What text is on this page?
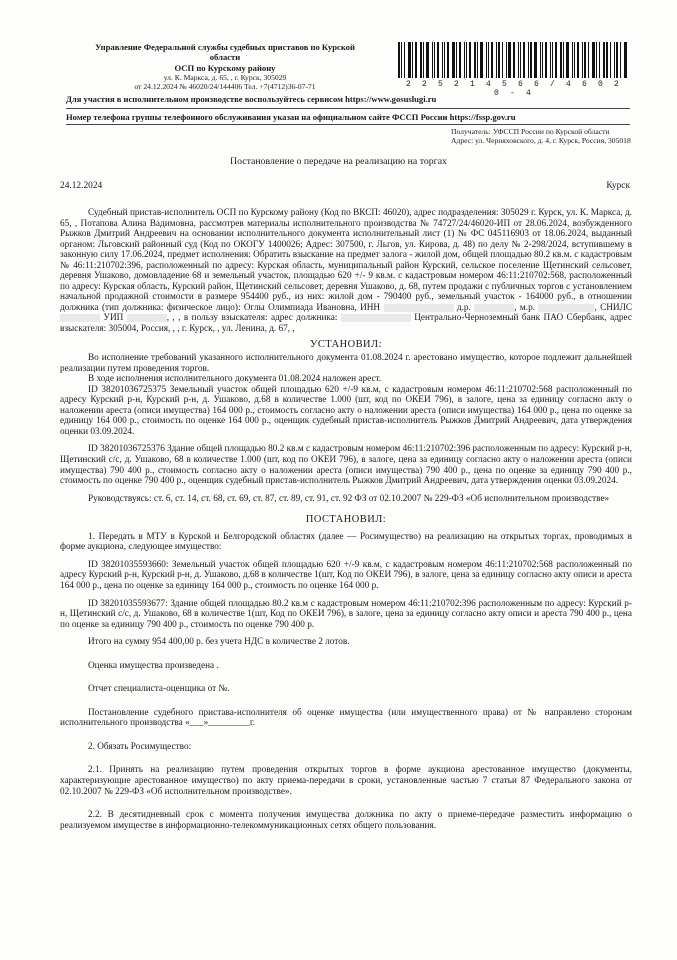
Управление Федеральной службы судебных приставов по Курской
области
ОСП по Курскому району
ул. К. Маркса, д. 65, , г. Курск, 305029
от 24.12.2024 № 46020/24/144406 Тел. +7(4712)36-07-71	2 2 5 2 1 4 5 6 6 / 4 6 0 2 0 - 4
Для участия в исполнительном производстве воспользуйтесь сервисом https://www.gosuslugi.ru
Номер телефона группы телефонного обслуживания указан на официальном сайте ФССП России https://fssp.gov.ru
Получатель: УФССП России по Курской области
Адрес: ул. Черняховского, д. 4, г. Курск, Россия, 305018
Постановление о передаче на реализацию на торгах
24.12.2024	Курск

Судебный пристав-исполнитель ОСП по Курскому району (Код по ВКСП: 46020), адрес подразделения: 305029 г. Курск, ул. К. Маркса, д. 65, , Потапова Алина Вадимовна, рассмотрев материалы исполнительного производства № 74727/24/46020-ИП от 28.06.2024, возбужденного Рыжков Дмитрий Андреевич на основании исполнительного документа исполнительный лист (1) № ФС 045116903 от 18.06.2024, выданный органом: Льговский районный суд (Код по ОКОГУ 1400026; Адрес: 307500, г. Льгов, ул. Кирова, д. 48) по делу № 2-298/2024, вступившему в законную силу 17.06.2024, предмет исполнения: Обратить взыскание на предмет залога - жилой дом, общей площадью 80.2 кв.м. с кадастровым № 46:11:210702:396, расположенный по адресу: Курская область, муниципальный район Курский, сельское поселение Щетинский сельсовет, деревня Ушаково, домовладение 68 и земельный участок, площадью 620 +/- 9 кв.м. с кадастровым номером 46:11:210702:568, расположенный по адресу: Курская область, Курский район, Щетинский сельсовет, деревня Ушаково, д. 68, путем продажи с публичных торгов с установлением начальной продажной стоимости в размере 954400 руб., из них: жилой дом - 790400 руб., земельный участок - 164000 руб., в отношении должника (тип должника: физическое лицо): Оглы Олимпиада Ивановна, ИНН	д.р.	, м.р.	, СНИЛС  УИП	, , , в пользу взыскателя: адрес должника:	Центрально-Черноземный банк ПАО Сбербанк, адрес взыскателя: 305004, Россия, , , г. Курск, , ул. Ленина, д. 67, ,

УСТАНОВИЛ:

Во исполнение требований указанного исполнительного документа 01.08.2024 г. арестовано имущество, которое подлежит дальнейшей реализации путем проведения торгов.

В ходе исполнения исполнительного документа 01.08.2024 наложен арест.

ID 38201036725375 Земельный участок общей площадью 620 +/-9 кв.м, с кадастровым номером 46:11:210702:568 расположенный по адресу Курский р-н, Курский р-н, д. Ушаково, д.68 в количестве 1.000 (шт, код по ОКЕИ 796), в залоге, цена за единицу согласно акту о наложении ареста (описи имущества) 164 000 р., стоимость согласно акту о наложении ареста (описи имущества) 164 000 р., цена по оценке за единицу 164 000 р., стоимость по оценке 164 000 р., оценщик судебный пристав-исполнитель Рыжков Дмитрий Андреевич, дата утверждения оценки 03.09.2024.

ID 38201036725376 Здание общей площадью 80.2 кв.м с кадастровым номером 46:11:210702:396 расположенным по адресу: Курский р-н, Щетинский с/с, д. Ушаково, 68 в количестве 1.000 (шт, код по ОКЕИ 796), в залоге, цена за единицу согласно акту о наложении ареста (описи имущества) 790 400 р., стоимость согласно акту о наложении ареста (описи имущества) 790 400 р., цена по оценке за единицу 790 400 р., стоимость по оценке 790 400 р., оценщик судебный пристав-исполнитель Рыжков Дмитрий Андреевич, дата утверждения оценки 03.09.2024.

Руководствуясь: ст. 6, ст. 14, ст. 68, ст. 69, ст. 87, ст. 89, ст. 91, ст. 92 ФЗ от 02.10.2007 № 229-ФЗ «Об исполнительном производстве»

ПОСТАНОВИЛ:

1. Передать в МТУ в Курской и Белгородской областях (далее — Росимущество) на реализацию на открытых торгах, проводимых в форме аукциона, следующее имущество:

ID 38201035593660: Земельный участок общей площадью 620 +/-9 кв.м, с кадастровым номером 46:11:210702:568 расположенный по адресу Курский р-н, Курский р-н, д. Ушаково, д.68 в количестве 1(шт, Код по ОКЕИ 796), в залоге, цена за единицу согласно акту описи и ареста 164 000 р., цена по оценке за единицу 164 000 р., стоимость по оценке 164 000 р.

ID 38201035593677: Здание общей площадью 80.2 кв.м с кадастровым номером 46:11:210702:396 расположенным по адресу: Курский р-н, Щетинский с/с, д. Ушаково, 68 в количестве 1(шт, Код по ОКЕИ 796), в залоге, цена за единицу согласно акту описи и ареста 790 400 р., цена по оценке за единицу 790 400 р., стоимость по оценке 790 400 р.

Итого на сумму 954 400,00 р. без учета НДС в количестве 2 лотов.

Оценка имущества произведена .

Отчет специалиста-оценщика от №.

Постановление судебного пристава-исполнителя об оценке имущества (или имущественного права) от № направлено сторонам исполнительного производства «___»_________г.

2. Обязать Росимущество:

2.1. Принять на реализацию путем проведения открытых торгов в форме аукциона арестованное имущество (документы, характеризующие арестованное имущество) по акту приема-передачи в сроки, установленные частью 7 статьи 87 Федерального закона от 02.10.2007 № 229-ФЗ «Об исполнительном производстве».

2.2. В десятидневный срок с момента получения имущества должника по акту о приеме-передаче разместить информацию о реализуемом имуществе в информационно-телекоммуникационных сетях общего пользования.
